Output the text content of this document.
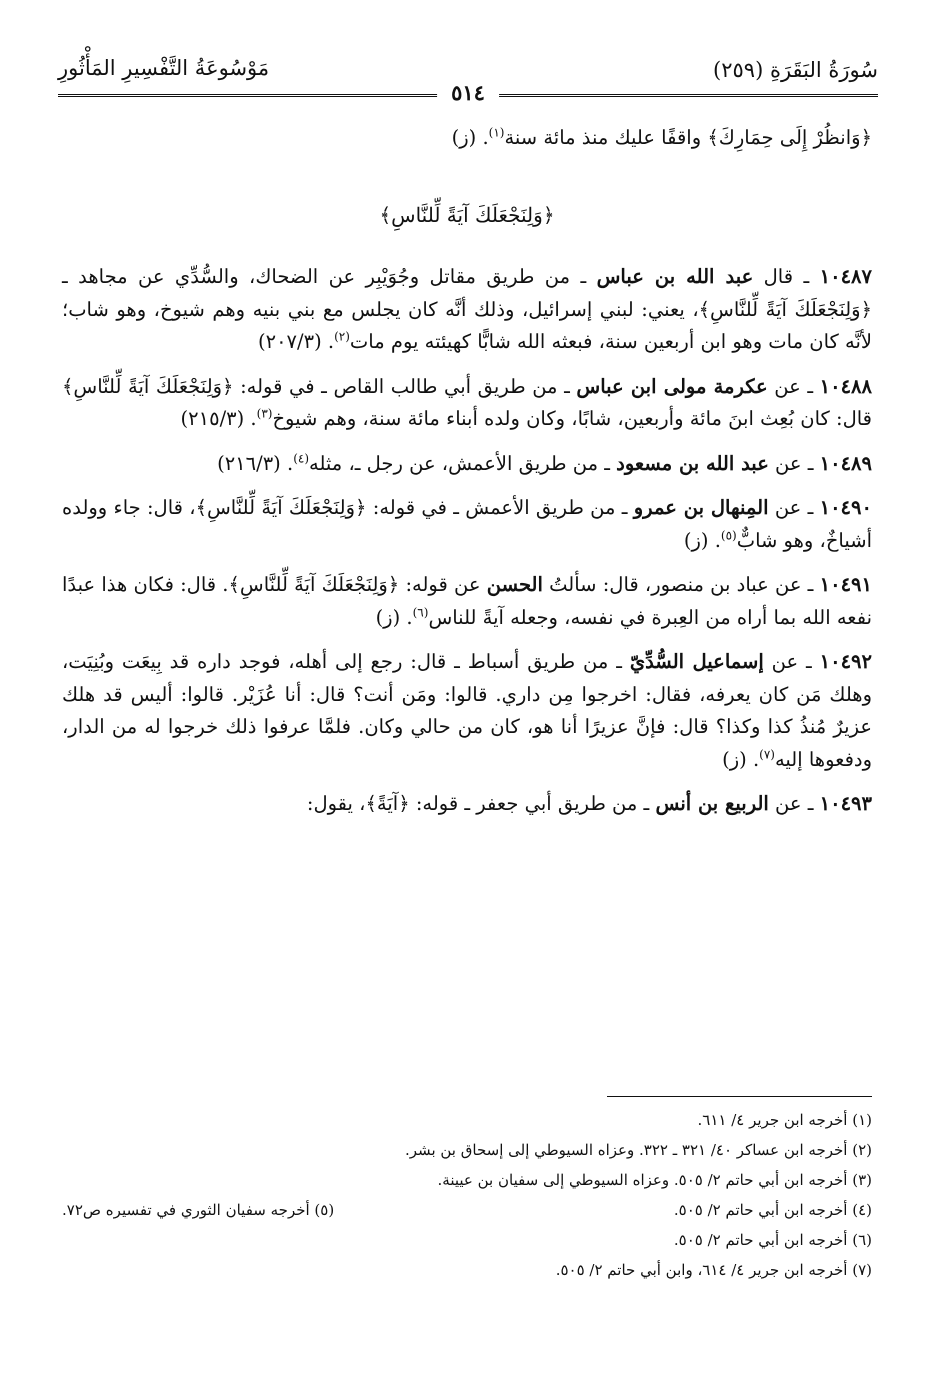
سُورَةُ البَقَرَةِ (٢٥٩)
٥١٤
مَوْسُوعَةُ التَّفْسِيرِ المَأْثُورِ

﴿وَانظُرْ إِلَى حِمَارِكَ﴾ واقفًا عليك منذ مائة سنة$^{(١)}$. (ز)

﴿وَلِنَجْعَلَكَ آيَةً لِّلنَّاسِ﴾

١٠٤٨٧ ـ قال عبد الله بن عباس ـ من طريق مقاتل وجُوَيْبِر عن الضحاك، والسُّدِّي عن مجاهد ـ ﴿وَلِنَجْعَلَكَ آيَةً لِّلنَّاسِ﴾، يعني: لبني إسرائيل، وذلك أنَّه كان يجلس مع بني بنيه وهم شيوخ، وهو شاب؛ لأنَّه كان مات وهو ابن أربعين سنة، فبعثه الله شابًّا كهيئته يوم مات$^{(٢)}$. (٢٠٧/٣)

١٠٤٨٨ ـ عن عكرمة مولى ابن عباس ـ من طريق أبي طالب القاص ـ في قوله: ﴿وَلِنَجْعَلَكَ آيَةً لِّلنَّاسِ﴾ قال: كان بُعِث ابنَ مائة وأربعين، شابًا، وكان ولده أبناء مائة سنة، وهم شيوخ$^{(٣)}$. (٢١٥/٣)

١٠٤٨٩ ـ عن عبد الله بن مسعود ـ من طريق الأعمش، عن رجل ـ، مثله$^{(٤)}$. (٢١٦/٣)

١٠٤٩٠ ـ عن المِنهال بن عمرو ـ من طريق الأعمش ـ في قوله: ﴿وَلِنَجْعَلَكَ آيَةً لِّلنَّاسِ﴾، قال: جاء وولده أشياخٌ، وهو شابٌّ$^{(٥)}$. (ز)

١٠٤٩١ ـ عن عباد بن منصور، قال: سألتُ الحسن عن قوله: ﴿وَلِنَجْعَلَكَ آيَةً لِّلنَّاسِ﴾. قال: فكان هذا عبدًا نفعه الله بما أراه من العِبرة في نفسه، وجعله آيةً للناس$^{(٦)}$. (ز)

١٠٤٩٢ ـ عن إسماعيل السُّدِّيّ ـ من طريق أسباط ـ قال: رجع إلى أهله، فوجد داره قد بِيعَت وبُنِيَت، وهلك مَن كان يعرفه، فقال: اخرجوا مِن داري. قالوا: ومَن أنت؟ قال: أنا عُزَيْر. قالوا: أليس قد هلك عزيرٌ مُنذُ كذا وكذا؟ قال: فإنَّ عزيرًا أنا هو، كان من حالي وكان. فلمَّا عرفوا ذلك خرجوا له من الدار، ودفعوها إليه$^{(٧)}$. (ز)

١٠٤٩٣ ـ عن الربيع بن أنس ـ من طريق أبي جعفر ـ قوله: ﴿آيَةً﴾، يقول:

(١) أخرجه ابن جرير ٤/ ٦١١.
(٢) أخرجه ابن عساكر ٤٠/ ٣٢١ ـ ٣٢٢. وعزاه السيوطي إلى إسحاق بن بشر.
(٣) أخرجه ابن أبي حاتم ٢/ ٥٠٥. وعزاه السيوطي إلى سفيان بن عيينة.
(٤) أخرجه ابن أبي حاتم ٢/ ٥٠٥.
(٥) أخرجه سفيان الثوري في تفسيره ص٧٢.
(٦) أخرجه ابن أبي حاتم ٢/ ٥٠٥.
(٧) أخرجه ابن جرير ٤/ ٦١٤، وابن أبي حاتم ٢/ ٥٠٥.
